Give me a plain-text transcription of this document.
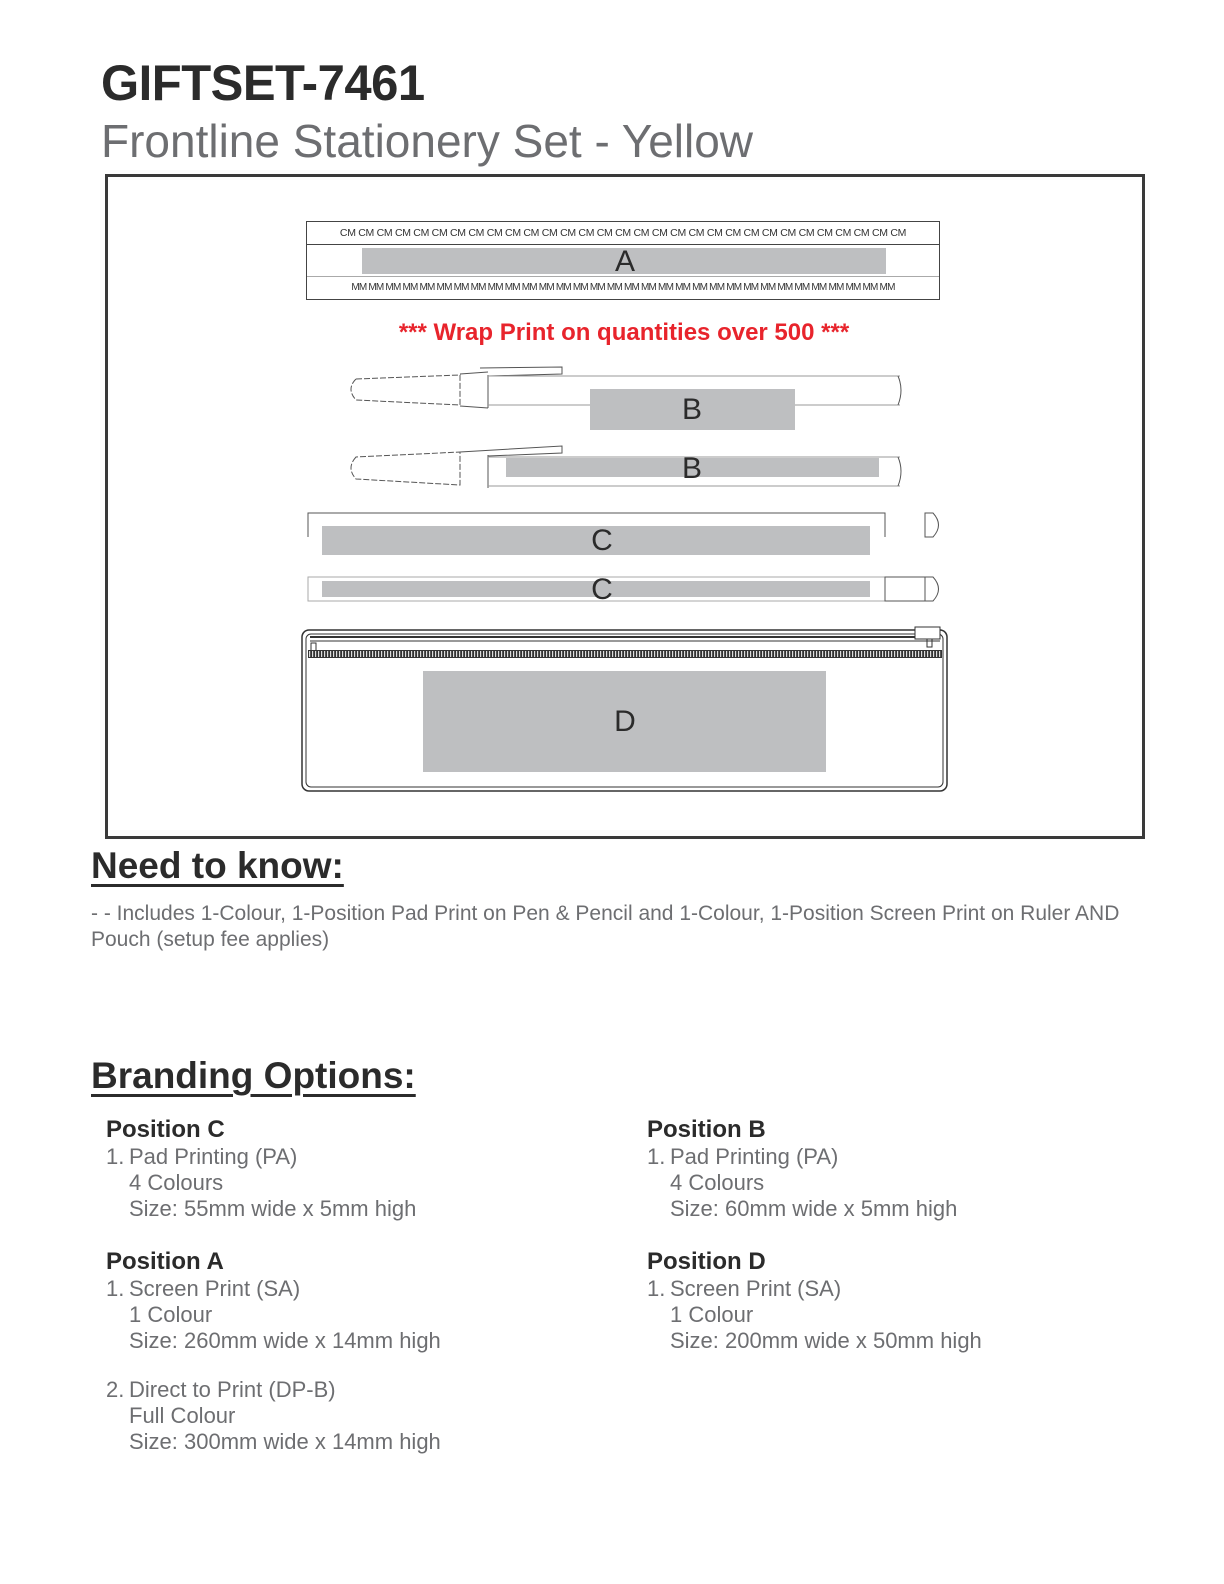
GIFTSET-7461
Frontline Stationery Set - Yellow
CM CM CM CM CM CM CM CM CM CM CM CM CM CM CM CM CM CM CM CM CM CM CM CM CM CM CM CM CM CM CM
A
MM MM MM MM MM MM MM MM MM MM MM MM MM MM MM MM MM MM MM MM MM MM MM MM MM MM MM MM MM MM MM MM
*** Wrap Print on quantities over 500 ***
B
B
C
C
D
Need to know:
- - Includes 1-Colour, 1-Position Pad Print on Pen & Pencil and 1-Colour, 1-Position Screen Print on Ruler AND Pouch (setup fee applies)
Branding Options:
Position C
1. Pad Printing (PA)
4 Colours
Size: 55mm wide x 5mm high
Position B
1. Pad Printing (PA)
4 Colours
Size: 60mm wide x 5mm high
Position A
1. Screen Print (SA)
1 Colour
Size: 260mm wide x 14mm high
2. Direct to Print (DP-B)
Full Colour
Size: 300mm wide x 14mm high
Position D
1. Screen Print (SA)
1 Colour
Size: 200mm wide x 50mm high
